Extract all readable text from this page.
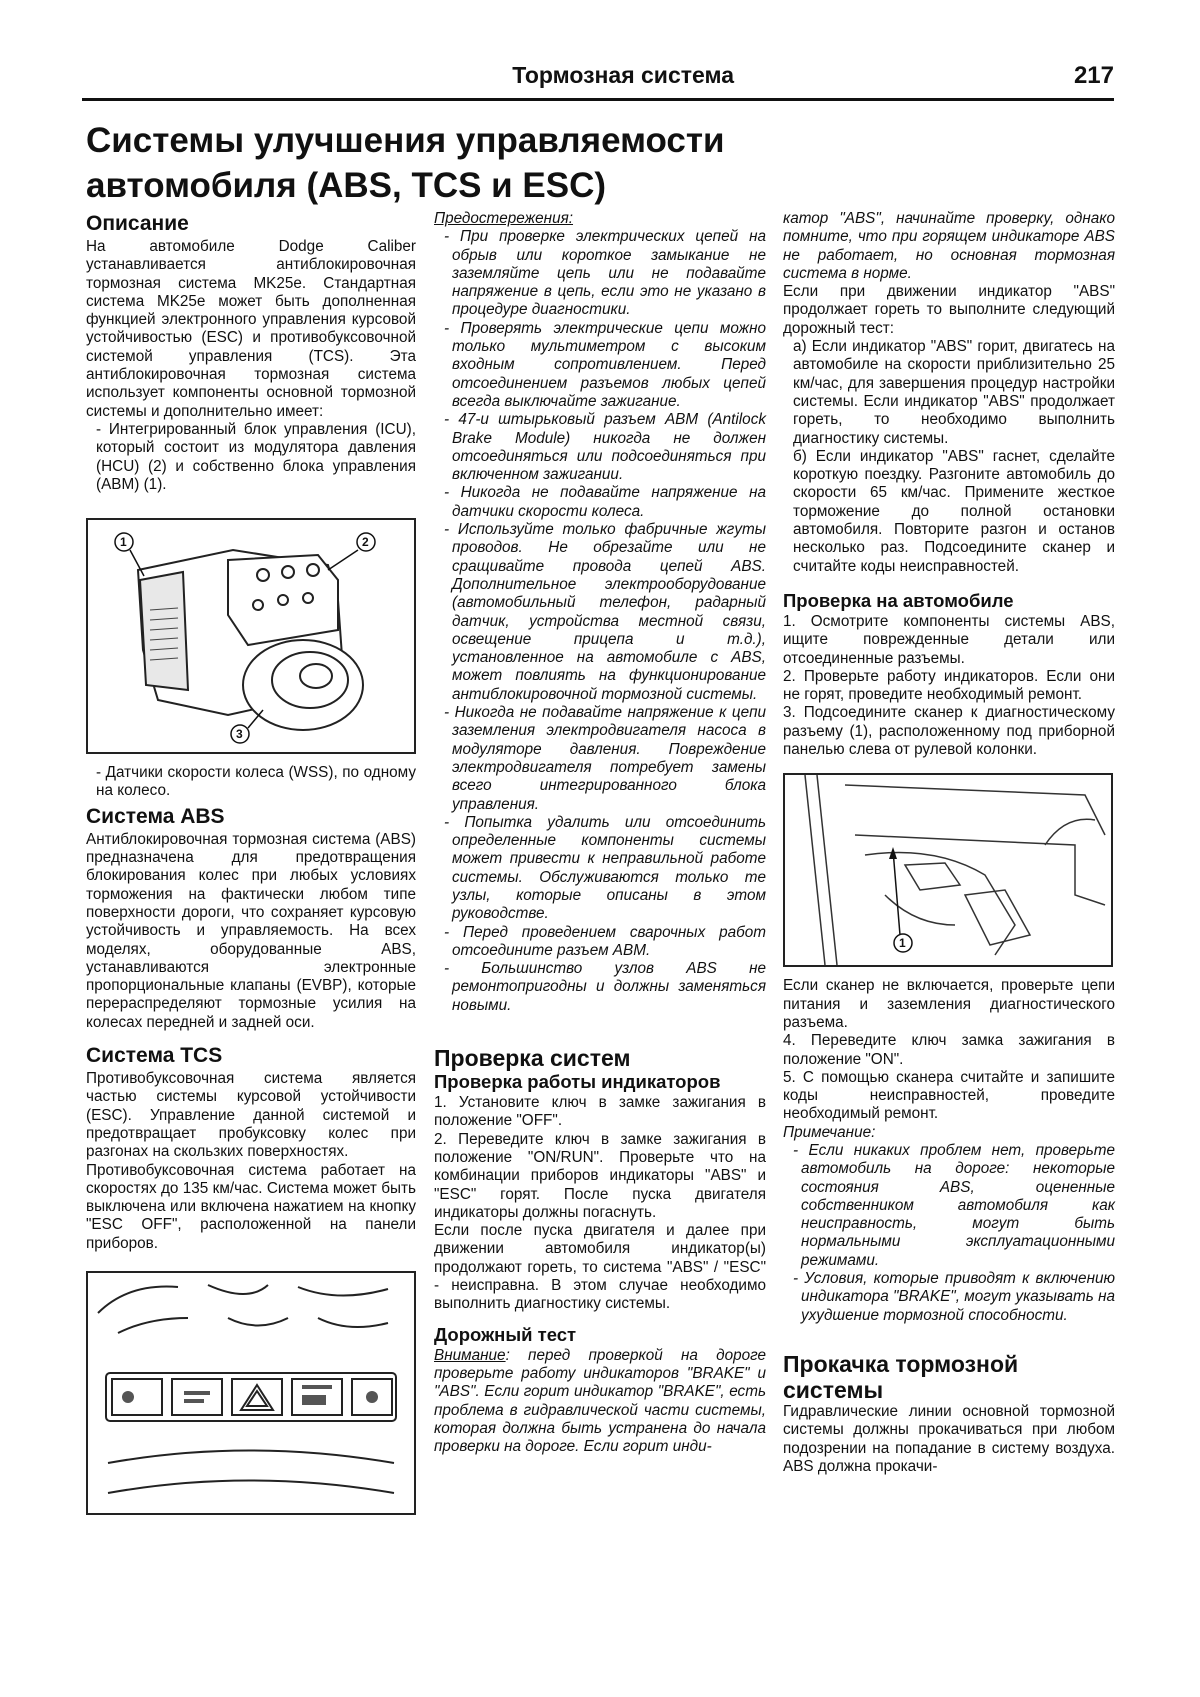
Тормозная система	217
Системы улучшения управляемости автомобиля (ABS, TCS и ESC)
Описание

На автомобиле Dodge Caliber устанавливается антиблокировочная тормозная система MK25e. Стандартная система MK25e может быть дополненная функцией электронного управления курсовой устойчивостью (ESC) и противобуксовочной системой управления (TCS). Эта антиблокировочная тормозная система использует компоненты основной тормозной системы и дополнительно имеет:

- Интегрированный блок управления (ICU), который состоит из модулятора давления (HCU) (2) и собственно блока управления (ABM) (1).

1	2
3

- Датчики скорости колеса (WSS), по одному на колесо.

Система ABS

Антиблокировочная тормозная система (ABS) предназначена для предотвращения блокирования колес при любых условиях торможения на фактически любом типе поверхности дороги, что сохраняет курсовую устойчивость и управляемость. На всех моделях, оборудованные ABS, устанавливаются электронные пропорциональные клапаны (EVBP), которые перераспределяют тормозные усилия на колесах передней и задней оси.

Система TCS

Противобуксовочная система является частью системы курсовой устойчивости (ESC). Управление данной системой и предотвращает пробуксовку колес при разгонах на скользких поверхностях.

Противобуксовочная система работает на скоростях до 135 км/час. Система может быть выключена или включена нажатием на кнопку "ESC OFF", расположенной на панели приборов.

Предостережения:

- При проверке электрических цепей на обрыв или короткое замыкание не заземляйте цепь или не подавайте напряжение в цепь, если это не указано в процедуре диагностики.

- Проверять электрические цепи можно только мультиметром с высоким входным сопротивлением. Перед отсоединением разъемов любых цепей всегда выключайте зажигание.

- 47-и штырьковый разъем ABM (Antilock Brake Module) никогда не должен отсоединяться или подсоединяться при включенном зажигании.

- Никогда не подавайте напряжение на датчики скорости колеса.

- Используйте только фабричные жгуты проводов. Не обрезайте или не сращивайте провода цепей ABS. Дополнительное электрооборудование (автомобильный телефон, радарный датчик, устройства местной связи, освещение прицепа и т.д.), установленное на автомобиле с ABS, может повлиять на функционирование антиблокировочной тормозной системы.

- Никогда не подавайте напряжение к цепи заземления электродвигателя насоса в модуляторе давления. Повреждение электродвигателя потребует замены всего интегрированного блока управления.

- Попытка удалить или отсоединить определенные компоненты системы может привести к неправильной работе системы. Обслуживаются только те узлы, которые описаны в этом руководстве.

- Перед проведением сварочных работ отсоедините разъем ABM.

- Большинство узлов ABS не ремонтопригодны и должны заменяться новыми.

Проверка систем
Проверка работы индикаторов

1. Установите ключ в замке зажигания в положение "OFF".

2. Переведите ключ в замке зажигания в положение "ON/RUN". Проверьте что на комбинации приборов индикаторы "ABS" и "ESC" горят. После пуска двигателя индикаторы должны погаснуть.

Если после пуска двигателя и далее при движении автомобиля индикатор(ы) продолжают гореть, то система "ABS" / "ESC" - неисправна. В этом случае необходимо выполнить диагностику системы.

Дорожный тест

Внимание: перед проверкой на дороге проверьте работу индикаторов "BRAKE" и "ABS". Если горит индикатор "BRAKE", есть проблема в гидравлической части системы, которая должна быть устранена до начала проверки на дороге. Если горит инди-

катор "ABS", начинайте проверку, однако помните, что при горящем индикаторе ABS не работает, но основная тормозная система в норме.

Если при движении индикатор "ABS" продолжает гореть то выполните следующий дорожный тест:

а) Если индикатор "ABS" горит, двигатесь на автомобиле на скорости приблизительно 25 км/час, для завершения процедур настройки системы. Если индикатор "ABS" продолжает гореть, то необходимо выполнить диагностику системы.

б) Если индикатор "ABS" гаснет, сделайте короткую поездку. Разгоните автомобиль до скорости 65 км/час. Примените жесткое торможение до полной остановки автомобиля. Повторите разгон и останов несколько раз. Подсоедините сканер и считайте коды неисправностей.

Проверка на автомобиле

1. Осмотрите компоненты системы ABS, ищите поврежденные детали или отсоединенные разъемы.

2. Проверьте работу индикаторов. Если они не горят, проведите необходимый ремонт.

3. Подсоедините сканер к диагностическому разъему (1), расположенному под приборной панелью слева от рулевой колонки.

1

Если сканер не включается, проверьте цепи питания и заземления диагностического разъема.

4. Переведите ключ замка зажигания в положение "ON".

5. С помощью сканера считайте и запишите коды неисправностей, проведите необходимый ремонт.

Примечание:

- Если никаких проблем нет, проверьте автомобиль на дороге: некоторые состояния ABS, оцененные собственником автомобиля как неисправность, могут быть нормальными эксплуатационными режимами.

- Условия, которые приводят к включению индикатора "BRAKE", могут указывать на ухудшение тормозной способности.

Прокачка тормозной системы

Гидравлические линии основной тормозной системы должны прокачиваться при любом подозрении на попадание в систему воздуха. ABS должна прокачи-
